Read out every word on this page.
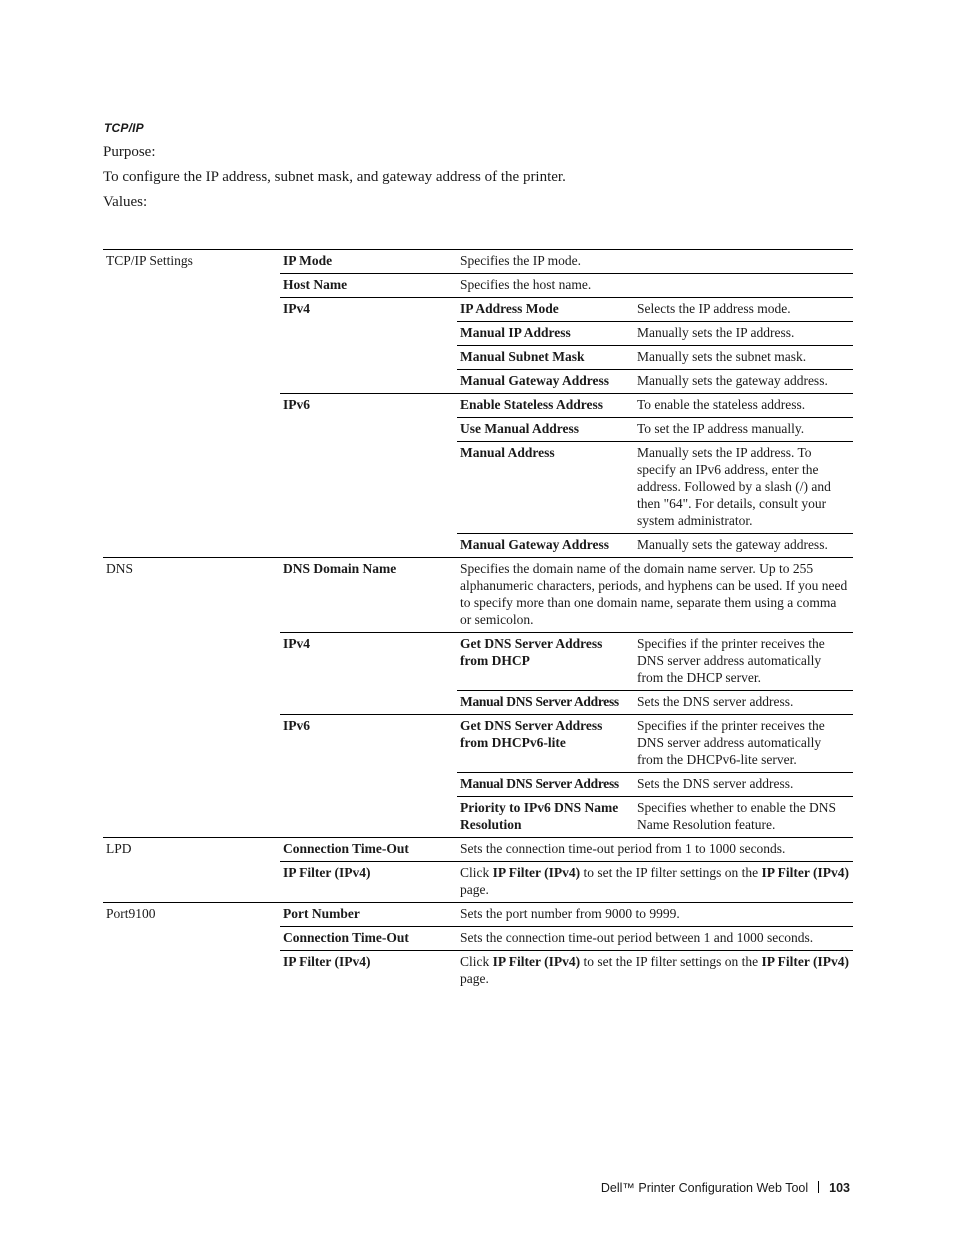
TCP/IP
Purpose:
To configure the IP address, subnet mask, and gateway address of the printer.
Values:
TCP/IP Settings	IP Mode	Specifies the IP mode.	
	Host Name	Specifies the host name.	
	IPv4	IP Address Mode	Selects the IP address mode.
		Manual IP Address	Manually sets the IP address.
		Manual Subnet Mask	Manually sets the subnet mask.
		Manual Gateway Address	Manually sets the gateway address.
	IPv6	Enable Stateless Address	To enable the stateless address.
		Use Manual Address	To set the IP address manually.
		Manual Address	Manually sets the IP address. To specify an IPv6 address, enter the address. Followed by a slash (/) and then "64". For details, consult your system administrator.
		Manual Gateway Address	Manually sets the gateway address.
DNS	DNS Domain Name	Specifies the domain name of the domain name server. Up to 255 alphanumeric characters, periods, and hyphens can be used. If you need to specify more than one domain name, separate them using a comma or semicolon.	
	IPv4	Get DNS Server Address from DHCP	Specifies if the printer receives the DNS server address automatically from the DHCP server.
		Manual DNS Server Address	Sets the DNS server address.
	IPv6	Get DNS Server Address from DHCPv6-lite	Specifies if the printer receives the DNS server address automatically from the DHCPv6-lite server.
		Manual DNS Server Address	Sets the DNS server address.
		Priority to IPv6 DNS Name Resolution	Specifies whether to enable the DNS Name Resolution feature.
LPD	Connection Time-Out	Sets the connection time-out period from 1 to 1000 seconds.	
	IP Filter (IPv4)	Click IP Filter (IPv4) to set the IP filter settings on the IP Filter (IPv4) page.	
Port9100	Port Number	Sets the port number from 9000 to 9999.	
	Connection Time-Out	Sets the connection time-out period between 1 and 1000 seconds.	
	IP Filter (IPv4)	Click IP Filter (IPv4) to set the IP filter settings on the IP Filter (IPv4) page.	
Dell™ Printer Configuration Web Tool 103
